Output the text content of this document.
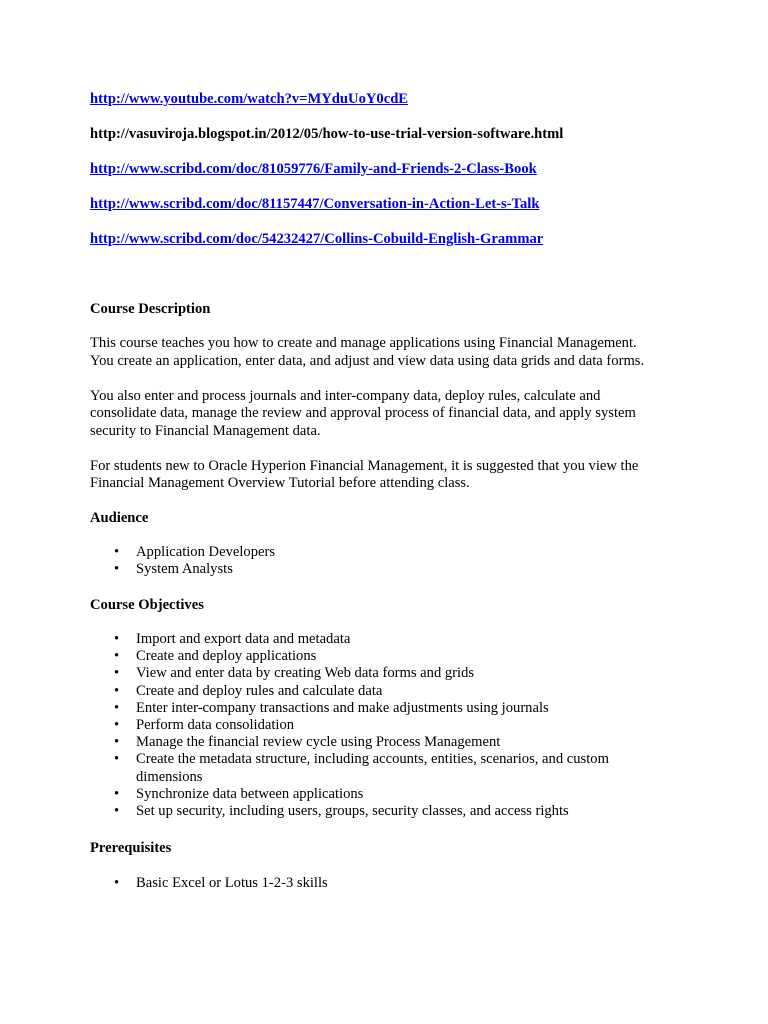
http://www.youtube.com/watch?v=MYduUoY0cdE
http://vasuviroja.blogspot.in/2012/05/how-to-use-trial-version-software.html
http://www.scribd.com/doc/81059776/Family-and-Friends-2-Class-Book
http://www.scribd.com/doc/81157447/Conversation-in-Action-Let-s-Talk
http://www.scribd.com/doc/54232427/Collins-Cobuild-English-Grammar
Course Description
This course teaches you how to create and manage applications using Financial Management.
You create an application, enter data, and adjust and view data using data grids and data forms.
You also enter and process journals and inter-company data, deploy rules, calculate and
consolidate data, manage the review and approval process of financial data, and apply system
security to Financial Management data.
For students new to Oracle Hyperion Financial Management, it is suggested that you view the
Financial Management Overview Tutorial before attending class.
Audience
• Application Developers
• System Analysts
Course Objectives
• Import and export data and metadata
• Create and deploy applications
• View and enter data by creating Web data forms and grids
• Create and deploy rules and calculate data
• Enter inter-company transactions and make adjustments using journals
• Perform data consolidation
• Manage the financial review cycle using Process Management
• Create the metadata structure, including accounts, entities, scenarios, and custom
dimensions
• Synchronize data between applications
• Set up security, including users, groups, security classes, and access rights
Prerequisites
• Basic Excel or Lotus 1-2-3 skills
